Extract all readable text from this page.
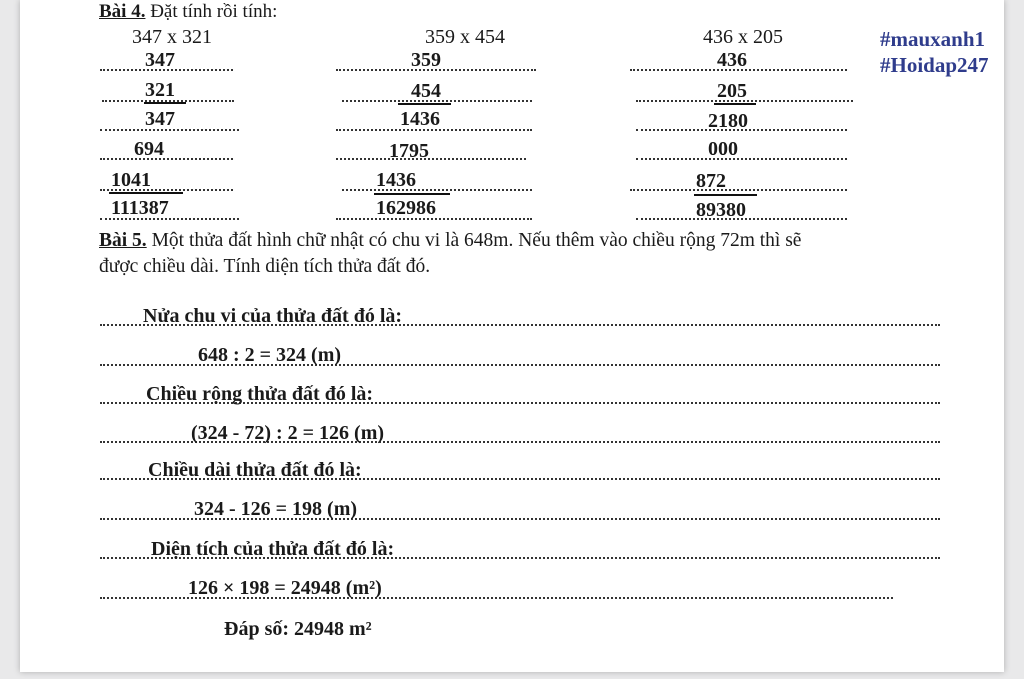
Bài 4. Đặt tính rồi tính:
347 x 321	359 x 454	436 x 205	#mauxanh1
#Hoidap247
347
321
347
694
1041
111387
359
454
1436
1795
1436
162986
436
205
2180
000
872
89380
Bài 5. Một thửa đất hình chữ nhật có chu vi là 648m. Nếu thêm vào chiều rộng 72m thì sẽ
được chiều dài. Tính diện tích thửa đất đó.
Nửa chu vi của thửa đất đó là:
648 : 2 = 324 (m)
Chiều rộng thửa đất đó là:
(324 - 72) : 2 = 126 (m)
Chiều dài thửa đất đó là:
324 - 126 = 198 (m)
Diện tích của thửa đất đó là:
126 × 198 = 24948 (m²)
Đáp số: 24948 m²
